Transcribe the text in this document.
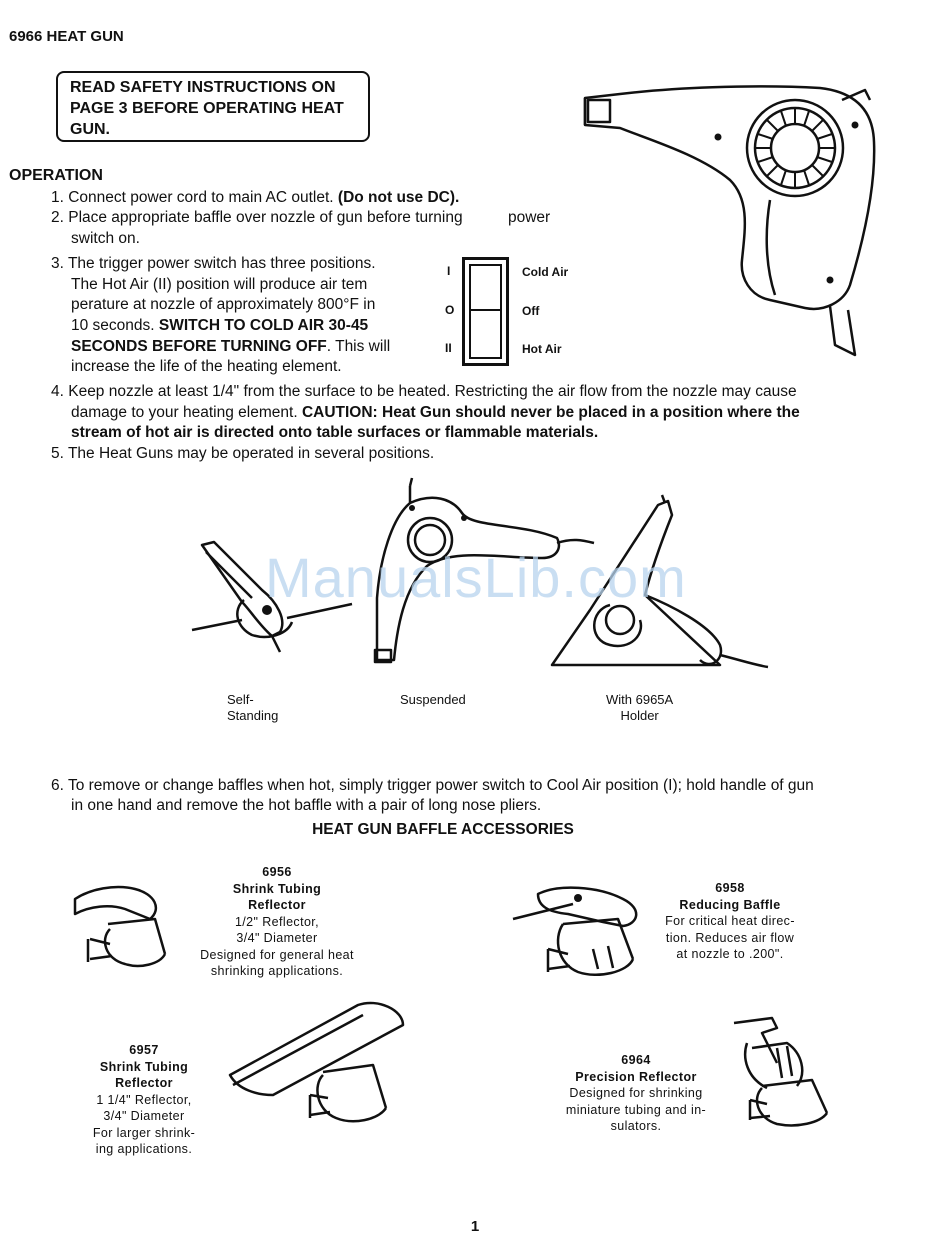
6966 HEAT GUN
READ SAFETY INSTRUCTIONS ON
PAGE 3 BEFORE OPERATING HEAT
GUN.
OPERATION
1. Connect power cord to main AC outlet. (Do not use DC).
2. Place appropriate baffle over nozzle of gun before turning	power
switch on.
3. The trigger power switch has three positions.
The Hot Air (II) position will produce air tem
perature at nozzle of approximately 800°F in
10 seconds. SWITCH TO COLD AIR 30-45
SECONDS BEFORE TURNING OFF. This will
increase the life of the heating element.
I
O
II
Cold Air
Off
Hot Air
4. Keep nozzle at least 1/4" from the surface to be heated. Restricting the air flow from the nozzle may cause
damage to your heating element. CAUTION: Heat Gun should never be placed in a position where the
stream of hot air is directed onto table surfaces or flammable materials.
5. The Heat Guns may be operated in several positions.
ManualsLib.com
Self-
Standing
Suspended	With 6965A
Holder
6. To remove or change baffles when hot, simply trigger power switch to Cool Air position (I); hold handle of gun
in one hand and remove the hot baffle with a pair of long nose pliers.
HEAT GUN BAFFLE ACCESSORIES
6956
Shrink Tubing
Reflector
1/2" Reflector,
3/4" Diameter
Designed for general heat
shrinking applications.
6958
Reducing Baffle
For critical heat direc-
tion. Reduces air flow
at nozzle to .200".
6957
Shrink Tubing
Reflector
1 1/4" Reflector,
3/4" Diameter
For larger shrink-
ing applications.
6964
Precision Reflector
Designed for shrinking
miniature tubing and in-
sulators.
1
